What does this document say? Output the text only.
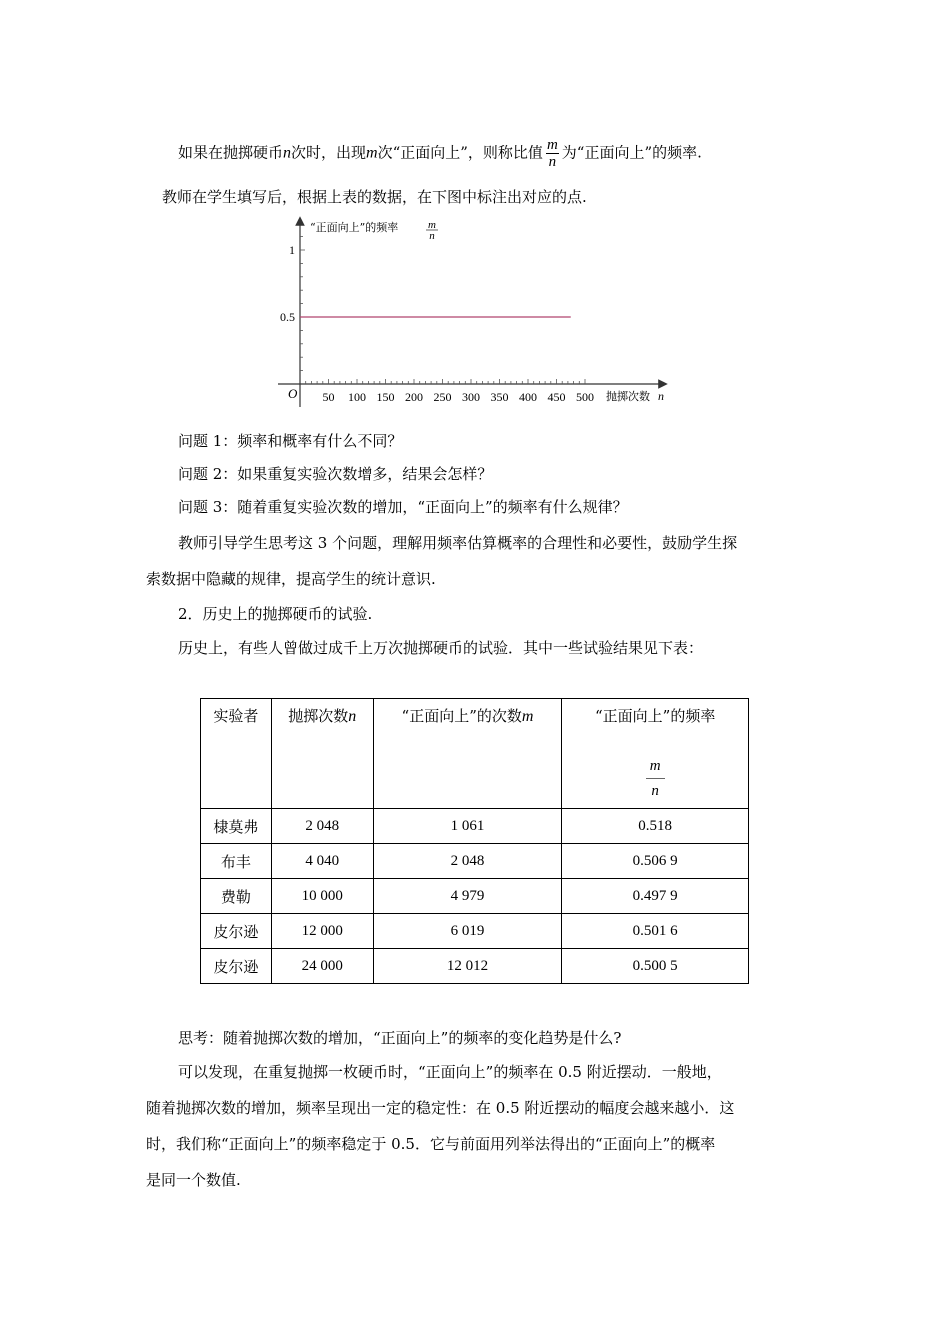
如果在抛掷硬币n次时，出现m次“正面向上”，则称比值 $\frac{m}{n}$ 为“正面向上”的频率.
教师在学生填写后，根据上表的数据，在下图中标注出对应的点.
50 100 150 200 250 300 350 400 450 500
1
0.5
O
“正面向上”的频率	m
n
抛掷次数 n
问题 1：频率和概率有什么不同？
问题 2：如果重复实验次数增多，结果会怎样？
问题 3：随着重复实验次数的增加，“正面向上”的频率有什么规律？
教师引导学生思考这 3 个问题，理解用频率估算概率的合理性和必要性，鼓励学生探
索数据中隐藏的规律，提高学生的统计意识.
2．历史上的抛掷硬币的试验.
历史上，有些人曾做过成千上万次抛掷硬币的试验．其中一些试验结果见下表：
实验者	抛掷次数n	“正面向上”的次数m	“正面向上”的频率

$\frac{m}{n}$
棣莫弗	2 048	1 061	0.518
布丰	4 040	2 048	0.506 9
费勒	10 000	4 979	0.497 9
皮尔逊	12 000	6 019	0.501 6
皮尔逊	24 000	12 012	0.500 5
思考：随着抛掷次数的增加，“正面向上”的频率的变化趋势是什么?
可以发现，在重复抛掷一枚硬币时，“正面向上”的频率在 0.5 附近摆动．一般地，
随着抛掷次数的增加，频率呈现出一定的稳定性：在 0.5 附近摆动的幅度会越来越小．这
时，我们称“正面向上”的频率稳定于 0.5．它与前面用列举法得出的“正面向上”的概率
是同一个数值.
